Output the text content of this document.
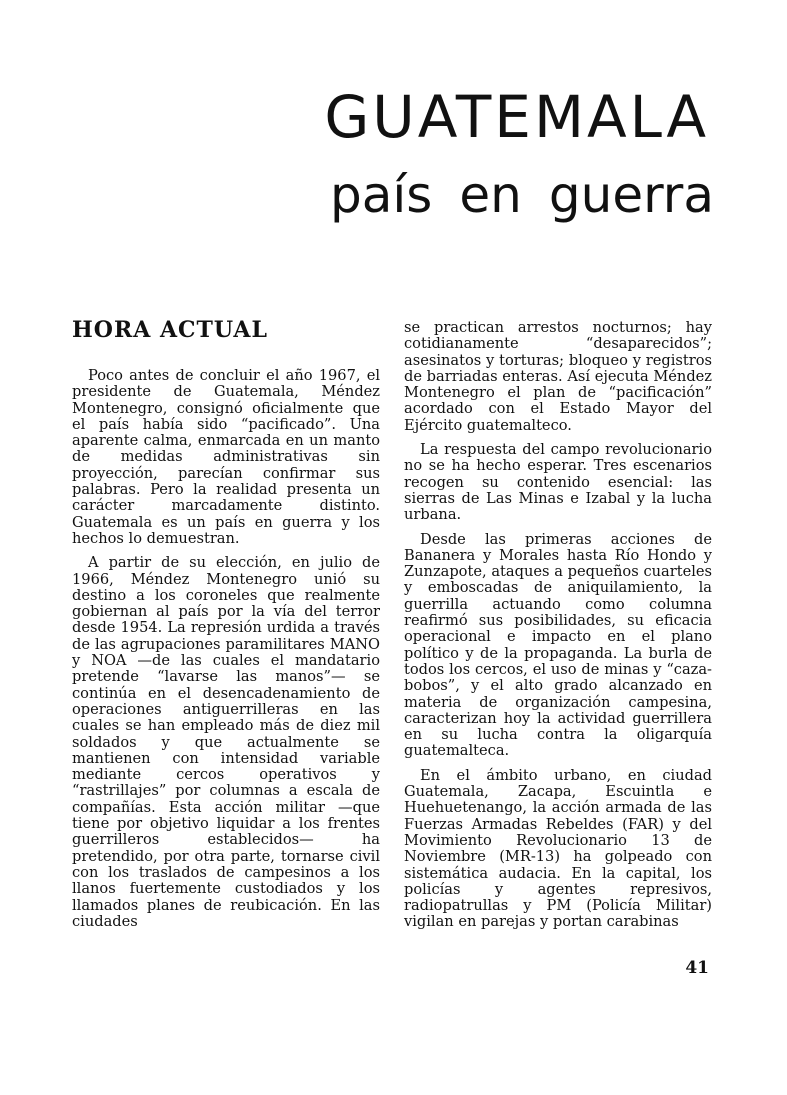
GUATEMALA
país en guerra
HORA ACTUAL

Poco antes de concluir el año 1967, el presidente de Guatemala, Méndez Montenegro, consignó oficialmente que el país había sido “pacificado”. Una aparente calma, enmarcada en un manto de medidas administrativas sin proyección, parecían confirmar sus palabras. Pero la realidad presenta un carácter marcadamente distinto. Guatemala es un país en guerra y los hechos lo demuestran.

A partir de su elección, en julio de 1966, Méndez Montenegro unió su destino a los coroneles que realmente gobiernan al país por la vía del terror desde 1954. La represión urdida a través de las agrupaciones paramilitares MANO y NOA —de las cuales el mandatario pretende “lavarse las manos”— se continúa en el desencadenamiento de operaciones antiguerrilleras en las cuales se han empleado más de diez mil soldados y que actualmente se mantienen con intensidad variable mediante cercos operativos y “rastrillajes” por columnas a escala de compañías. Esta acción militar —que tiene por objetivo liquidar a los frentes guerrilleros establecidos— ha pretendido, por otra parte, tornarse civil con los traslados de campesinos a los llanos fuertemente custodiados y los llamados planes de reubicación. En las ciudades

se practican arrestos nocturnos; hay cotidianamente “desaparecidos”; asesinatos y torturas; bloqueo y registros de barriadas enteras. Así ejecuta Méndez Montenegro el plan de “pacificación” acordado con el Estado Mayor del Ejército guatemalteco.

La respuesta del campo revolucionario no se ha hecho esperar. Tres escenarios recogen su contenido esencial: las sierras de Las Minas e Izabal y la lucha urbana.

Desde las primeras acciones de Bananera y Morales hasta Río Hondo y Zunzapote, ataques a pequeños cuarteles y emboscadas de aniquilamiento, la guerrilla actuando como columna reafirmó sus posibilidades, su eficacia operacional e impacto en el plano político y de la propaganda. La burla de todos los cercos, el uso de minas y “caza-bobos”, y el alto grado alcanzado en materia de organización campesina, caracterizan hoy la actividad guerrillera en su lucha contra la oligarquía guatemalteca.

En el ámbito urbano, en ciudad Guatemala, Zacapa, Escuintla e Huehuetenango, la acción armada de las Fuerzas Armadas Rebeldes (FAR) y del Movimiento Revolucionario 13 de Noviembre (MR-13) ha golpeado con sistemática audacia. En la capital, los policías y agentes represivos, radiopatrullas y PM (Policía Militar) vigilan en parejas y portan carabinas

41
